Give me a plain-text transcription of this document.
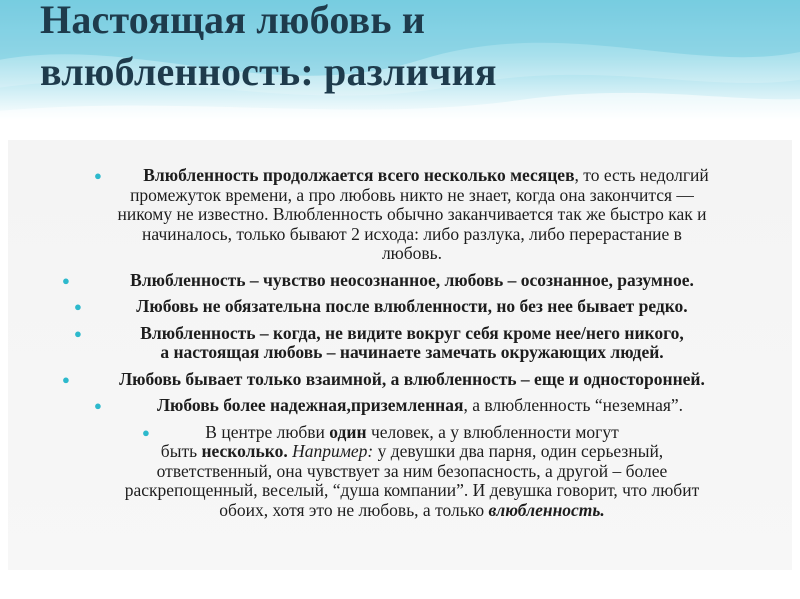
Настоящая любовь и
влюбленность: различия
●	Влюбленность продолжается всего несколько месяцев, то есть недолгий
промежуток времени, а про любовь никто не знает, когда она закончится —
никому не известно. Влюбленность обычно заканчивается так же быстро как и
начиналось, только бывают 2 исхода: либо разлука, либо перерастание в
любовь.
●	Влюбленность – чувство неосознанное, любовь – осознанное, разумное.
●	Любовь не обязательна после влюбленности, но без нее бывает редко.
●	Влюбленность – когда, не видите вокруг себя кроме нее/него никого,
а настоящая любовь – начинаете замечать окружающих людей.
●	Любовь бывает только взаимной, а влюбленность – еще и односторонней.
●	Любовь более надежная,приземленная, а влюбленность “неземная”.
●	В центре любви один человек, а у влюбленности могут
быть несколько. Например: у девушки два парня, один серьезный,
ответственный, она чувствует за ним безопасность, а другой – более
раскрепощенный, веселый, “душа компании”. И девушка говорит, что любит
обоих, хотя это не любовь, а только влюбленность.
